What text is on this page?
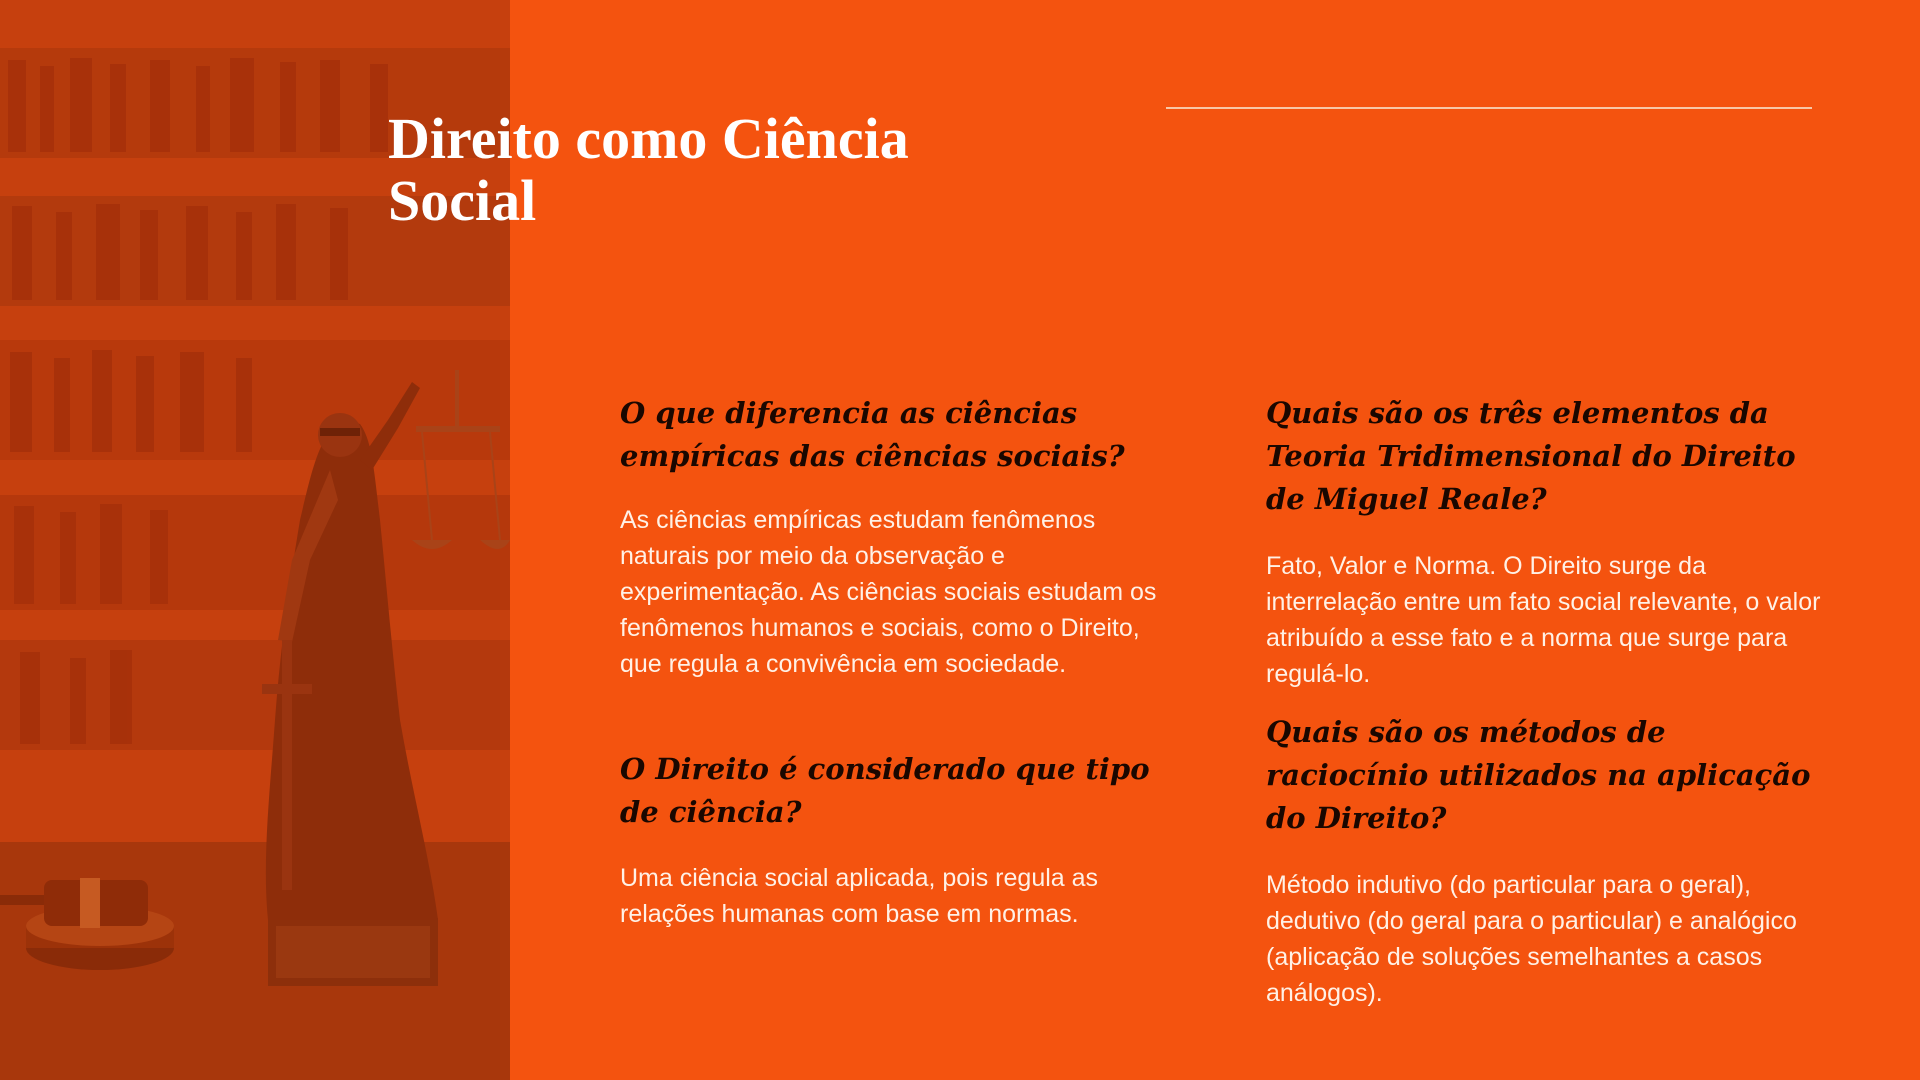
Direito como Ciência
Social

O que diferencia as ciências empíricas das ciências sociais?

As ciências empíricas estudam fenômenos naturais por meio da observação e experimentação. As ciências sociais estudam os fenômenos humanos e sociais, como o Direito, que regula a convivência em sociedade.

O Direito é considerado que tipo de ciência?

Uma ciência social aplicada, pois regula as relações humanas com base em normas.

Quais são os três elementos da Teoria Tridimensional do Direito de Miguel Reale?

Fato, Valor e Norma. O Direito surge da interrelação entre um fato social relevante, o valor atribuído a esse fato e a norma que surge para regulá-lo.

Quais são os métodos de raciocínio utilizados na aplicação do Direito?

Método indutivo (do particular para o geral), dedutivo (do geral para o particular) e analógico (aplicação de soluções semelhantes a casos análogos).
